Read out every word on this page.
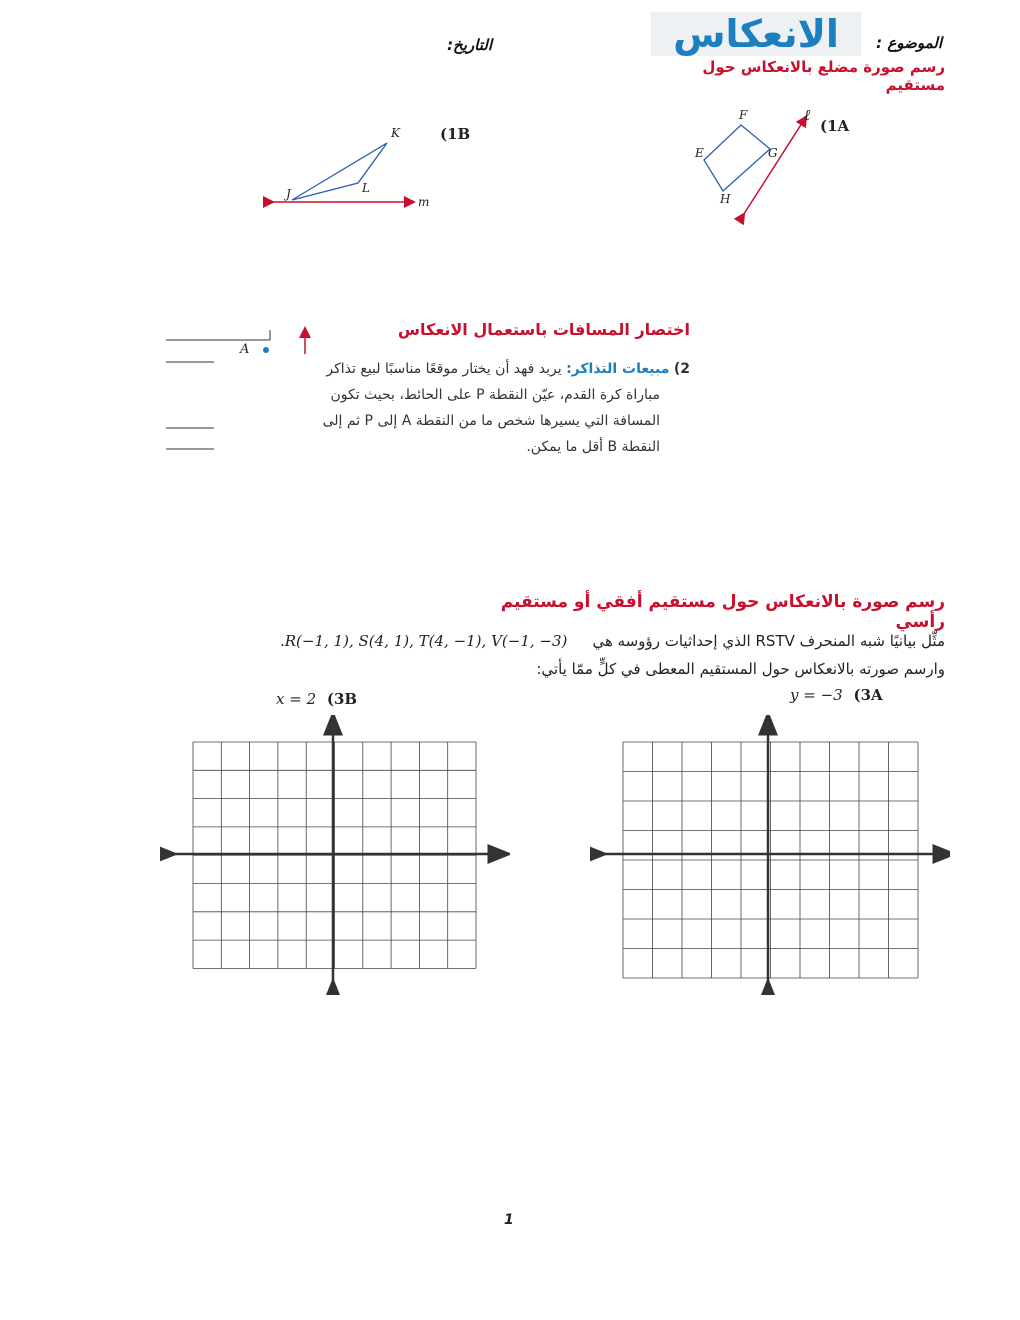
الموضوع :
الانعكاس
رسم صورة مضلع بالانعكاس حول مستقيم
التاريخ:
(1A
F
E	G
H
ℓ
(1B
K
J	L
m
اختصار المسافات باستعمال الانعكاس
A
2) مبيعات التذاكر: يريد فهد أن يختار موقعًا مناسبًا لبيع تذاكر
مباراة كرة القدم، عيّن النقطة P على الحائط، بحيث تكون
المسافة التي يسيرها شخص ما من النقطة A إلى P ثم إلى
النقطة B أقل ما يمكن.
رسم صورة بالانعكاس حول مستقيم أفقي أو مستقيم رأسي
.R(−1, 1), S(4, 1), T(4, −1), V(−1, −3) مثِّل بيانيًا شبه المنحرف RSTV الذي إحداثيات رؤوسه هي
وارسم صورته بالانعكاس حول المستقيم المعطى في كلٍّ ممّا يأتي:
y = −3 (3A
x = 2 (3B
1
